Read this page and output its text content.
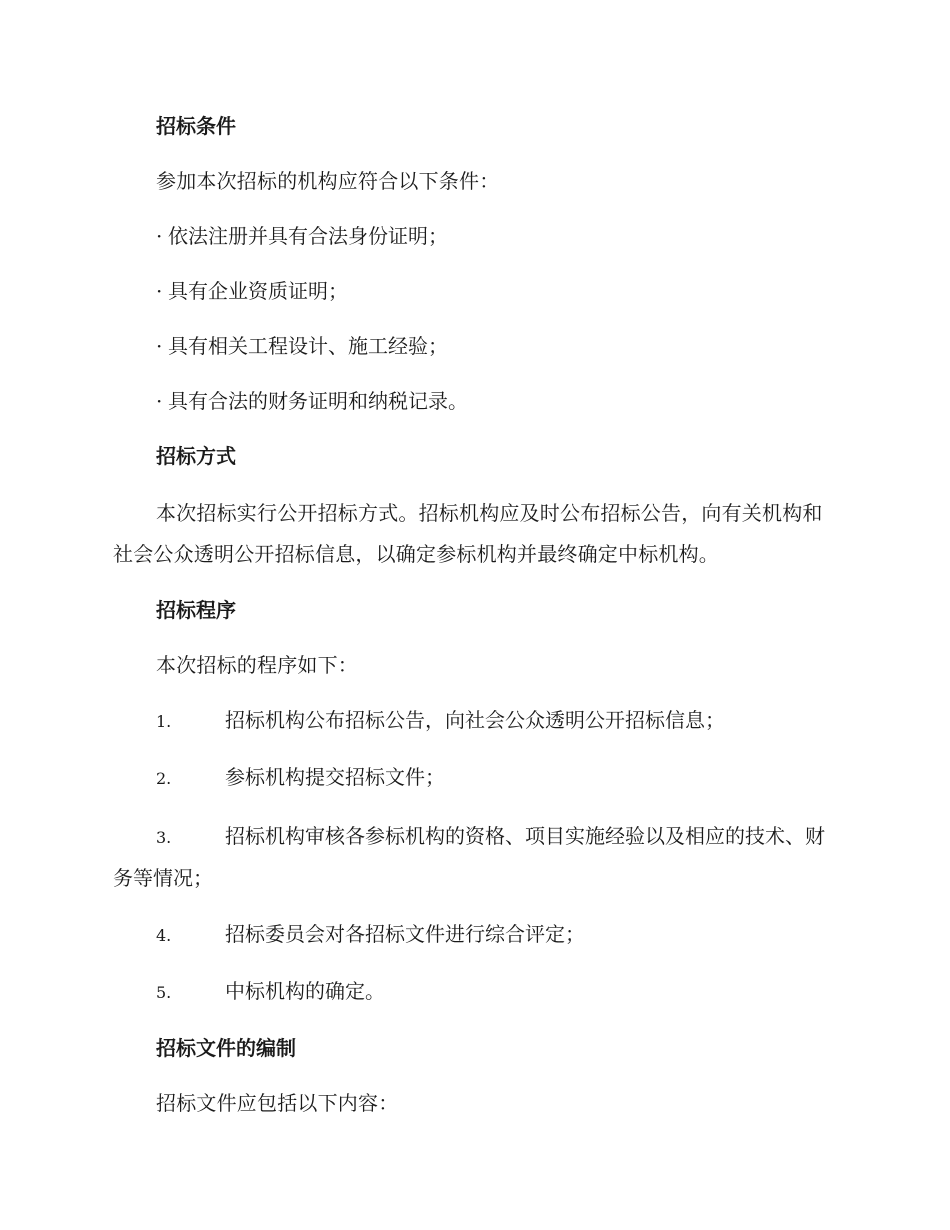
招标条件
参加本次招标的机构应符合以下条件：
· 依法注册并具有合法身份证明；
· 具有企业资质证明；
· 具有相关工程设计、施工经验；
· 具有合法的财务证明和纳税记录。
招标方式
本次招标实行公开招标方式。招标机构应及时公布招标公告，向有关机构和社会公众透明公开招标信息，以确定参标机构并最终确定中标机构。
招标程序
本次招标的程序如下：
1.	招标机构公布招标公告，向社会公众透明公开招标信息；
2.	参标机构提交招标文件；
3.	招标机构审核各参标机构的资格、项目实施经验以及相应的技术、财务等情况；
4.	招标委员会对各招标文件进行综合评定；
5.	中标机构的确定。
招标文件的编制
招标文件应包括以下内容：
